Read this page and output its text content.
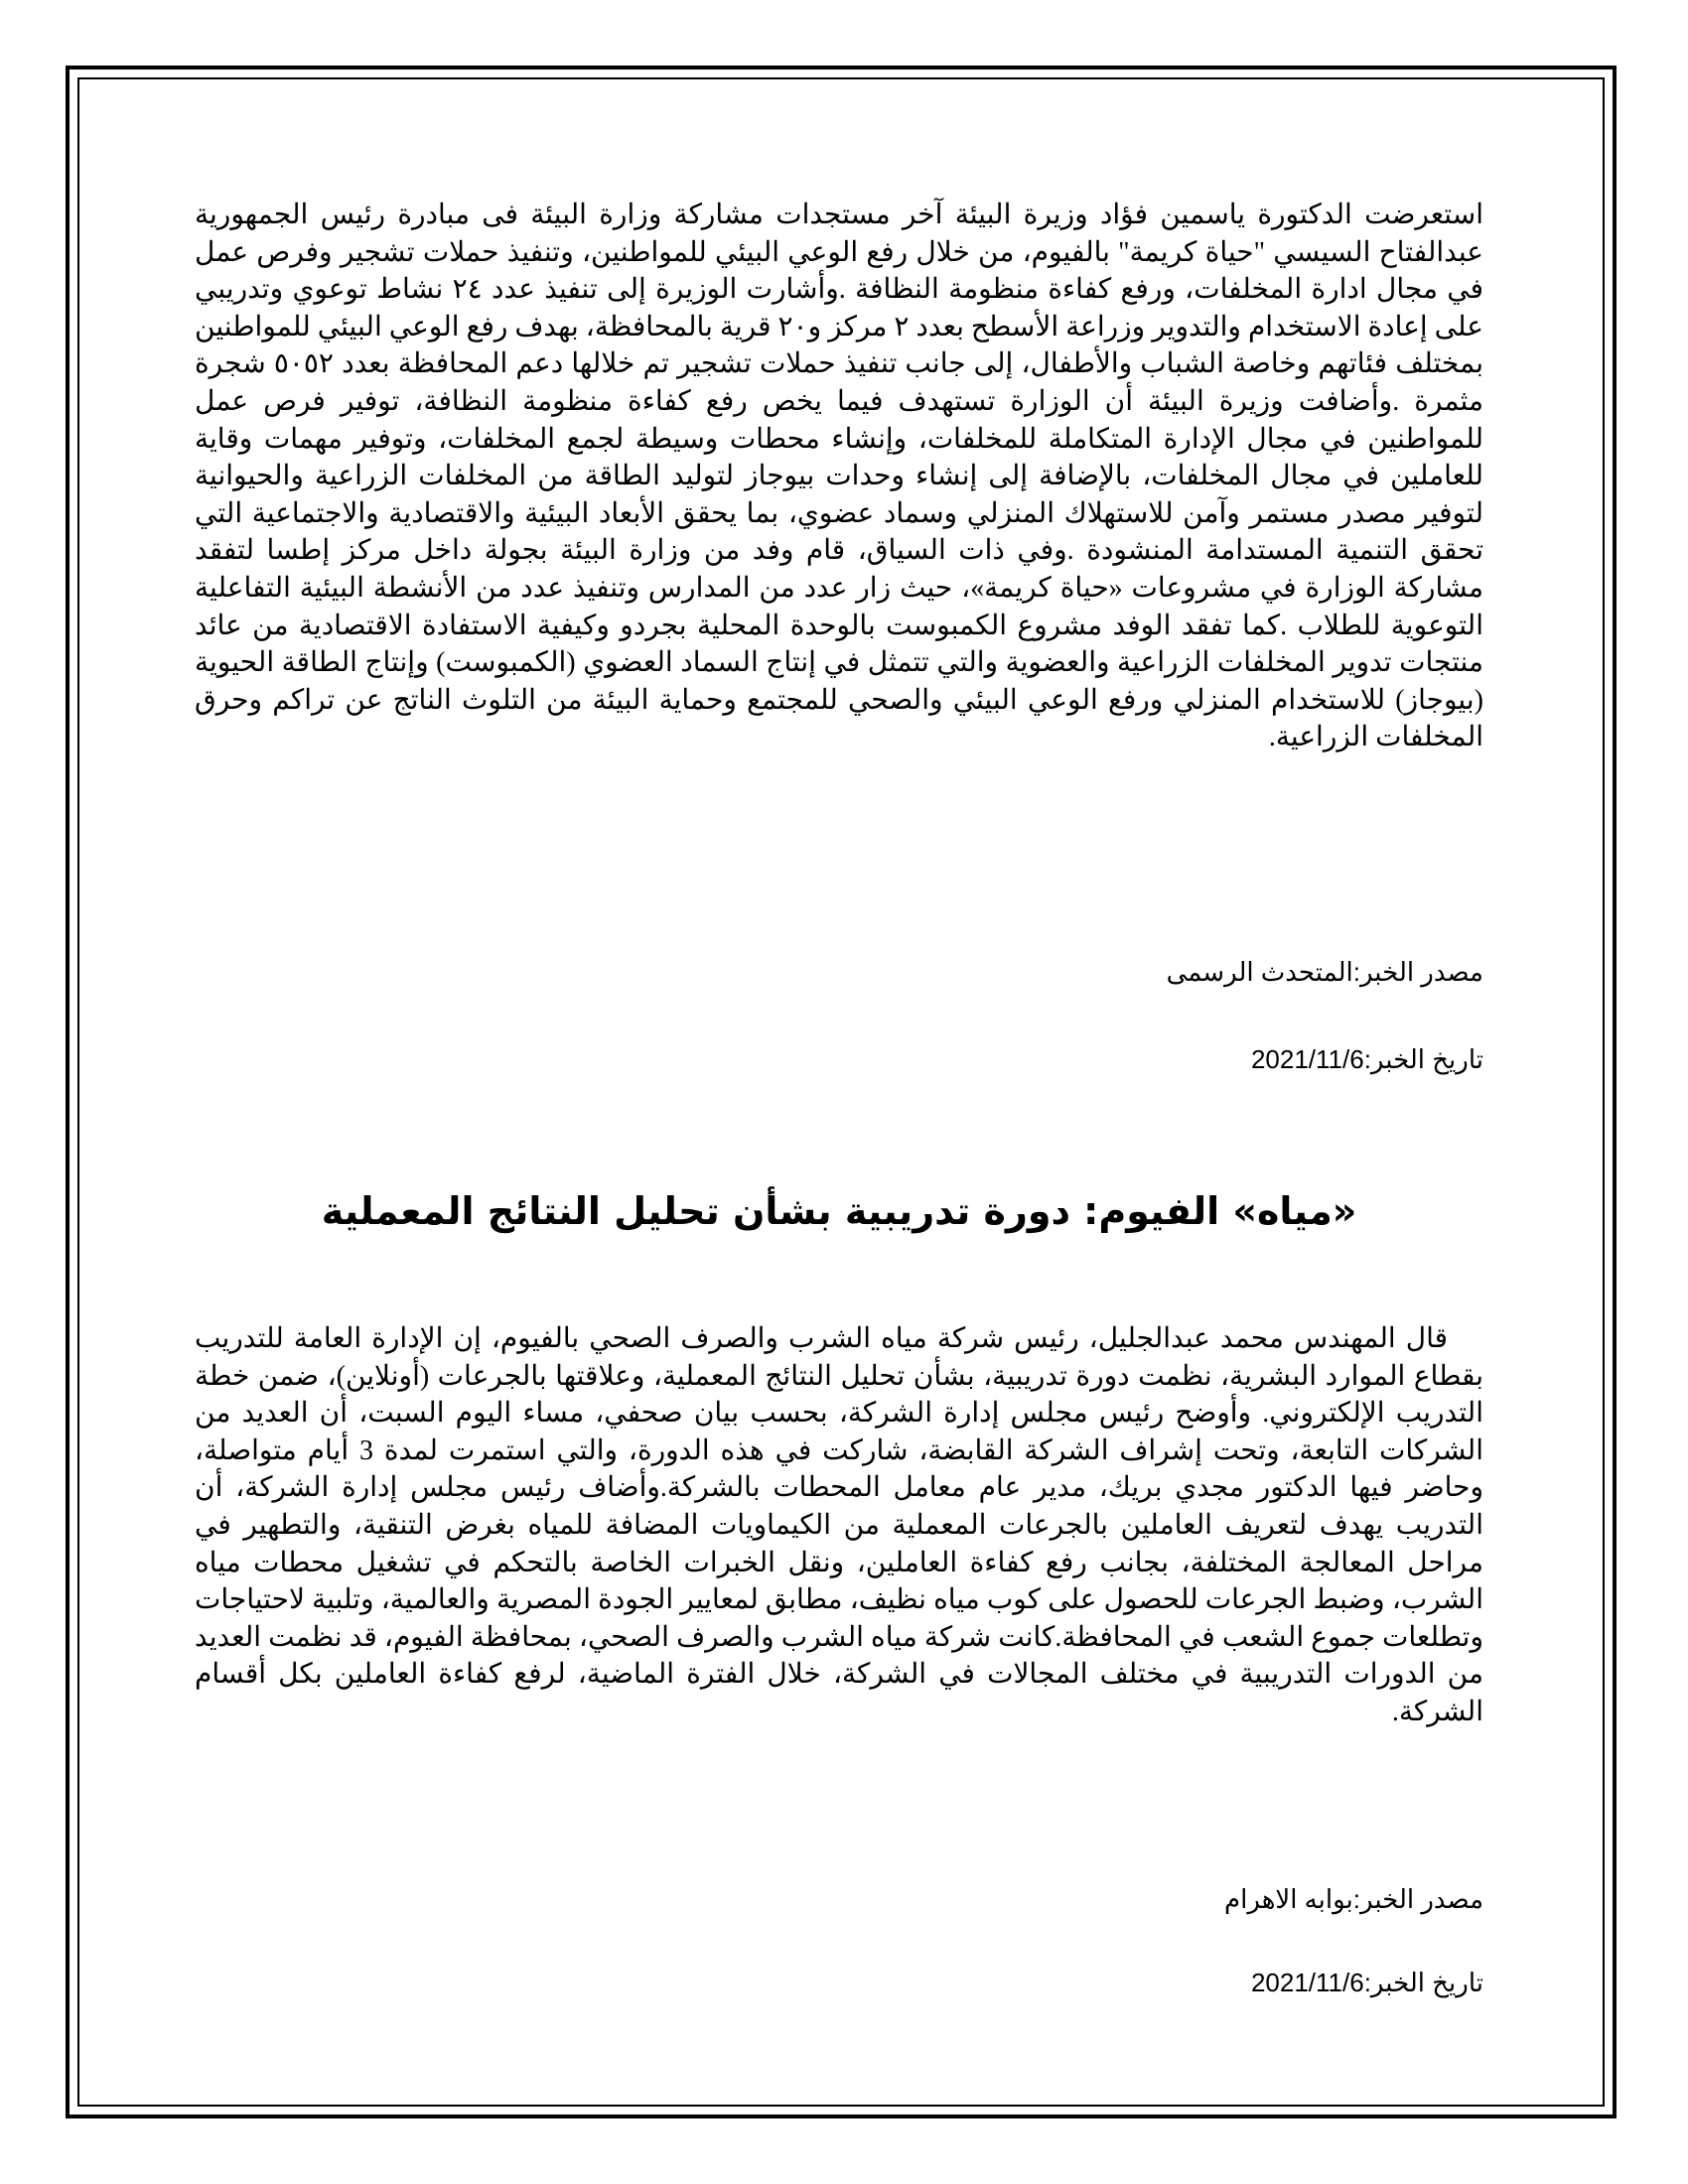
استعرضت الدكتورة ياسمين فؤاد وزيرة البيئة آخر مستجدات مشاركة وزارة البيئة فى مبادرة رئيس الجمهورية عبدالفتاح السيسي "حياة كريمة" بالفيوم، من خلال رفع الوعي البيئي للمواطنين، وتنفيذ حملات تشجير وفرص عمل في مجال ادارة المخلفات، ورفع كفاءة منظومة النظافة .وأشارت الوزيرة إلى تنفيذ عدد ٢٤ نشاط توعوي وتدريبي على إعادة الاستخدام والتدوير وزراعة الأسطح بعدد ٢ مركز و٢٠ قرية بالمحافظة، بهدف رفع الوعي البيئي للمواطنين بمختلف فئاتهم وخاصة الشباب والأطفال، إلى جانب تنفيذ حملات تشجير تم خلالها دعم المحافظة بعدد ٥٠٥٢ شجرة مثمرة .وأضافت وزيرة البيئة أن الوزارة تستهدف فيما يخص رفع كفاءة منظومة النظافة، توفير فرص عمل للمواطنين في مجال الإدارة المتكاملة للمخلفات، وإنشاء محطات وسيطة لجمع المخلفات، وتوفير مهمات وقاية للعاملين في مجال المخلفات، بالإضافة إلى إنشاء وحدات بيوجاز لتوليد الطاقة من المخلفات الزراعية والحيوانية لتوفير مصدر مستمر وآمن للاستهلاك المنزلي وسماد عضوي، بما يحقق الأبعاد البيئية والاقتصادية والاجتماعية التي تحقق التنمية المستدامة المنشودة .وفي ذات السياق، قام وفد من وزارة البيئة بجولة داخل مركز إطسا لتفقد مشاركة الوزارة في مشروعات «حياة كريمة»، حيث زار عدد من المدارس وتنفيذ عدد من الأنشطة البيئية التفاعلية التوعوية للطلاب .كما تفقد الوفد مشروع الكمبوست بالوحدة المحلية بجردو وكيفية الاستفادة الاقتصادية من عائد منتجات تدوير المخلفات الزراعية والعضوية والتي تتمثل في إنتاج السماد العضوي (الكمبوست) وإنتاج الطاقة الحيوية (بيوجاز) للاستخدام المنزلي ورفع الوعي البيئي والصحي للمجتمع وحماية البيئة من التلوث الناتج عن تراكم وحرق المخلفات الزراعية.

مصدر الخبر:المتحدث الرسمى

تاريخ الخبر:2021/11/6

«مياه» الفيوم: دورة تدريبية بشأن تحليل النتائج المعملية

قال المهندس محمد عبدالجليل، رئيس شركة مياه الشرب والصرف الصحي بالفيوم، إن الإدارة العامة للتدريب بقطاع الموارد البشرية، نظمت دورة تدريبية، بشأن تحليل النتائج المعملية، وعلاقتها بالجرعات (أونلاين)، ضمن خطة التدريب الإلكتروني. وأوضح رئيس مجلس إدارة الشركة، بحسب بيان صحفي، مساء اليوم السبت، أن العديد من الشركات التابعة، وتحت إشراف الشركة القابضة، شاركت في هذه الدورة، والتي استمرت لمدة 3 أيام متواصلة، وحاضر فيها الدكتور مجدي بريك، مدير عام معامل المحطات بالشركة.وأضاف رئيس مجلس إدارة الشركة، أن التدريب يهدف لتعريف العاملين بالجرعات المعملية من الكيماويات المضافة للمياه بغرض التنقية، والتطهير في مراحل المعالجة المختلفة، بجانب رفع كفاءة العاملين، ونقل الخبرات الخاصة بالتحكم في تشغيل محطات مياه الشرب، وضبط الجرعات للحصول على كوب مياه نظيف، مطابق لمعايير الجودة المصرية والعالمية، وتلبية لاحتياجات وتطلعات جموع الشعب في المحافظة.كانت شركة مياه الشرب والصرف الصحي، بمحافظة الفيوم، قد نظمت العديد من الدورات التدريبية في مختلف المجالات في الشركة، خلال الفترة الماضية، لرفع كفاءة العاملين بكل أقسام الشركة.

مصدر الخبر:بوابه الاهرام

تاريخ الخبر:2021/11/6
